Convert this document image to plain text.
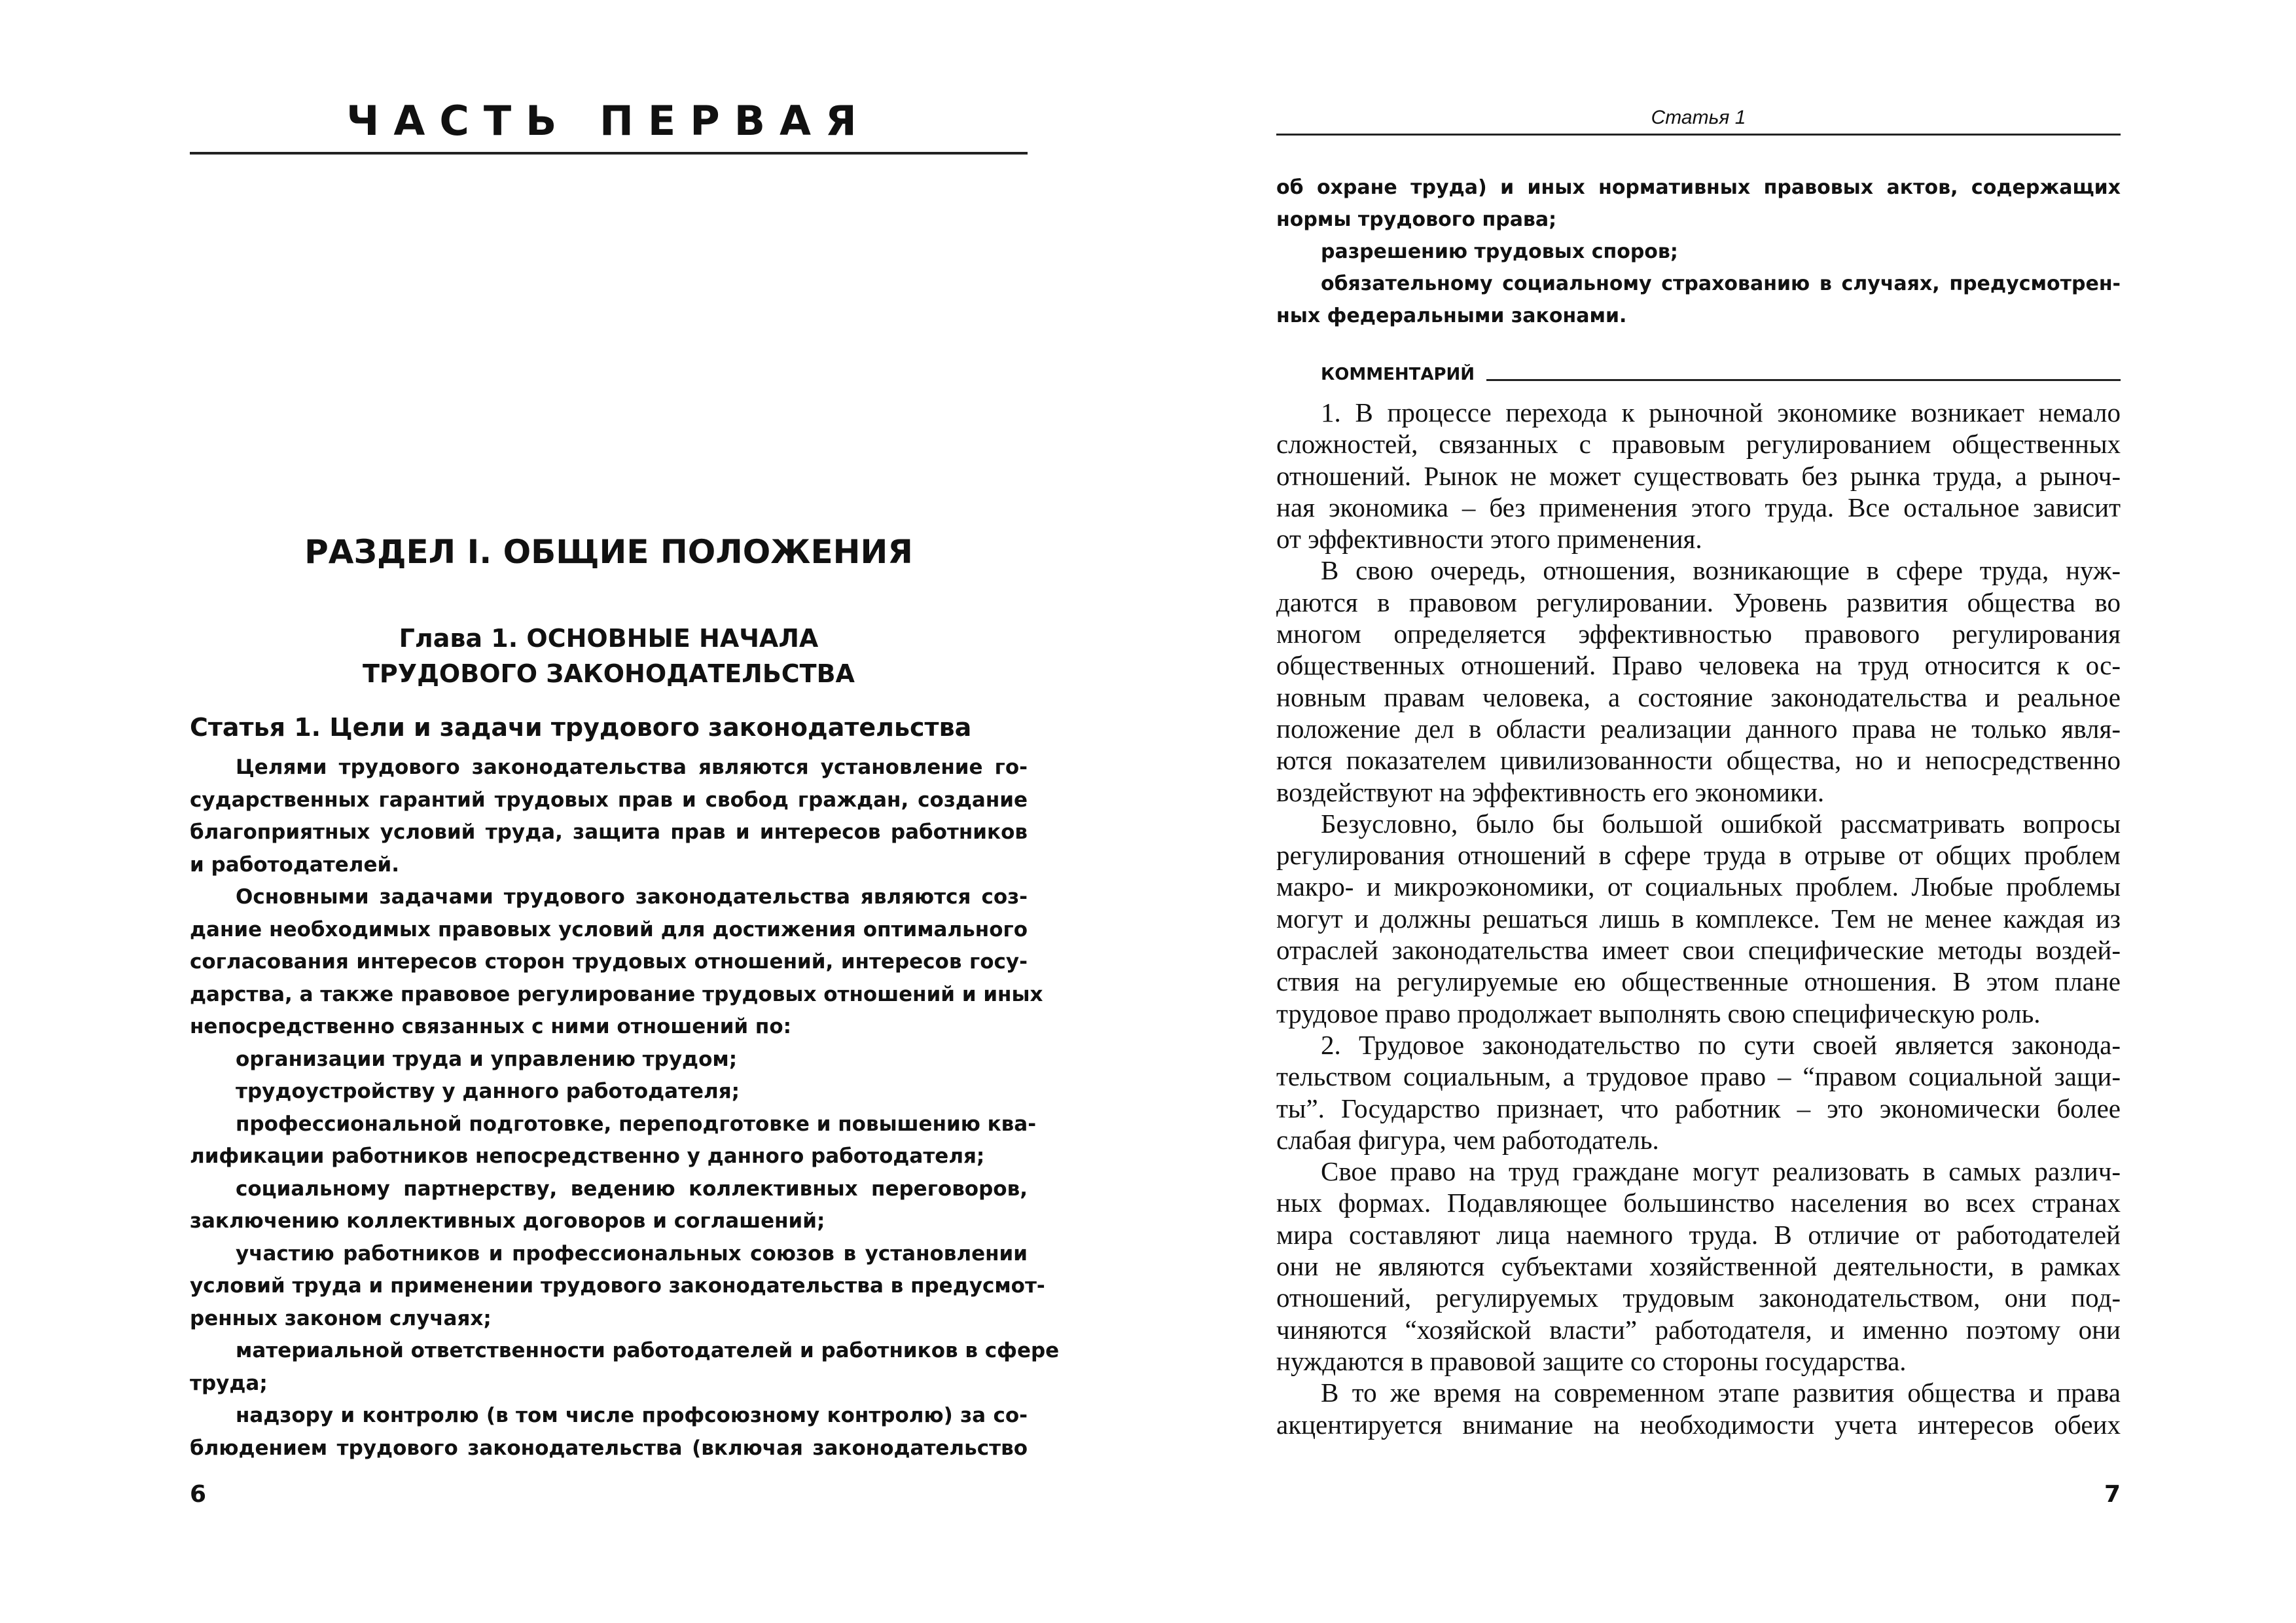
ЧАСТЬ ПЕРВАЯ
РАЗДЕЛ I. ОБЩИЕ ПОЛОЖЕНИЯ
Глава 1. ОСНОВНЫЕ НАЧАЛА
ТРУДОВОГО ЗАКОНОДАТЕЛЬСТВА
Статья 1. Цели и задачи трудового законодательства
Целями трудового законодательства являются установление го-
сударственных гарантий трудовых прав и свобод граждан, создание
благоприятных условий труда, защита прав и интересов работников
и работодателей.
Основными задачами трудового законодательства являются соз-
дание необходимых правовых условий для достижения оптимального
согласования интересов сторон трудовых отношений, интересов госу-
дарства, а также правовое регулирование трудовых отношений и иных
непосредственно связанных с ними отношений по:
организации труда и управлению трудом;
трудоустройству у данного работодателя;
профессиональной подготовке, переподготовке и повышению ква-
лификации работников непосредственно у данного работодателя;
социальному партнерству, ведению коллективных переговоров,
заключению коллективных договоров и соглашений;
участию работников и профессиональных союзов в установлении
условий труда и применении трудового законодательства в предусмот-
ренных законом случаях;
материальной ответственности работодателей и работников в сфере
труда;
надзору и контролю (в том числе профсоюзному контролю) за со-
блюдением трудового законодательства (включая законодательство
6
Статья 1
об охране труда) и иных нормативных правовых актов, содержащих
нормы трудового права;
разрешению трудовых споров;
обязательному социальному страхованию в случаях, предусмотрен-
ных федеральными законами.
КОММЕНТАРИЙ
1. В процессе перехода к рыночной экономике возникает немало
сложностей, связанных с правовым регулированием общественных
отношений. Рынок не может существовать без рынка труда, а рыноч-
ная экономика – без применения этого труда. Все остальное зависит
от эффективности этого применения.
В свою очередь, отношения, возникающие в сфере труда, нуж-
даются в правовом регулировании. Уровень развития общества во
многом определяется эффективностью правового регулирования
общественных отношений. Право человека на труд относится к ос-
новным правам человека, а состояние законодательства и реальное
положение дел в области реализации данного права не только явля-
ются показателем цивилизованности общества, но и непосредственно
воздействуют на эффективность его экономики.
Безусловно, было бы большой ошибкой рассматривать вопросы
регулирования отношений в сфере труда в отрыве от общих проблем
макро- и микроэкономики, от социальных проблем. Любые проблемы
могут и должны решаться лишь в комплексе. Тем не менее каждая из
отраслей законодательства имеет свои специфические методы воздей-
ствия на регулируемые ею общественные отношения. В этом плане
трудовое право продолжает выполнять свою специфическую роль.
2. Трудовое законодательство по сути своей является законода-
тельством социальным, а трудовое право – “правом социальной защи-
ты”. Государство признает, что работник – это экономически более
слабая фигура, чем работодатель.
Свое право на труд граждане могут реализовать в самых различ-
ных формах. Подавляющее большинство населения во всех странах
мира составляют лица наемного труда. В отличие от работодателей
они не являются субъектами хозяйственной деятельности, в рамках
отношений, регулируемых трудовым законодательством, они под-
чиняются “хозяйской власти” работодателя, и именно поэтому они
нуждаются в правовой защите со стороны государства.
В то же время на современном этапе развития общества и права
акцентируется внимание на необходимости учета интересов обеих
7
